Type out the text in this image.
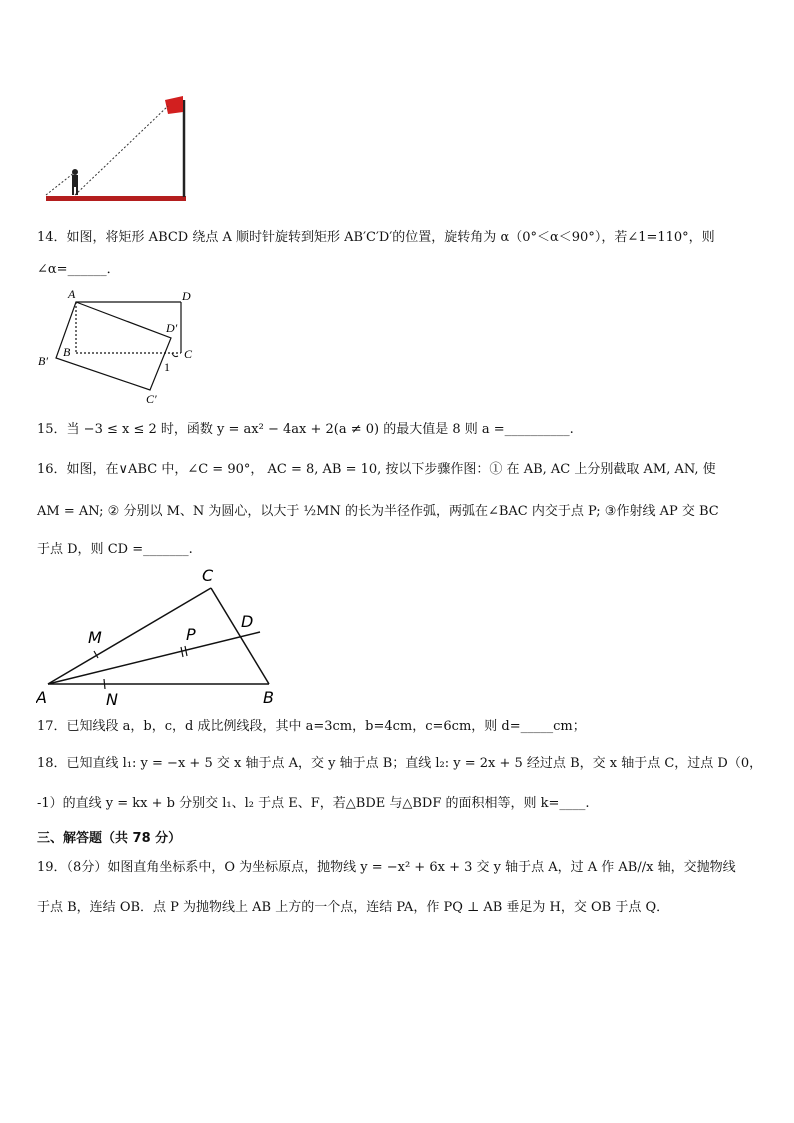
14．如图，将矩形 ABCD 绕点 A 顺时针旋转到矩形 AB′C′D′的位置，旋转角为 α（0°＜α＜90°），若∠1=110°，则
∠α=______．
A	D
D′
B	C
B′
C′
1
15．当 −3 ≤ x ≤ 2 时，函数 y = ax² − 4ax + 2(a ≠ 0) 的最大值是 8 则 a =__________.
16．如图，在∨ABC 中，∠C = 90°， AC = 8, AB = 10, 按以下步骤作图：① 在 AB, AC 上分别截取 AM, AN, 使
AM = AN; ② 分别以 M、N 为圆心，以大于 ½MN 的长为半径作弧，两弧在∠BAC 内交于点 P; ③作射线 AP 交 BC
于点 D，则 CD =_______.
C
M	P
D
A	N	B
17．已知线段 a，b，c，d 成比例线段，其中 a=3cm，b=4cm，c=6cm，则 d=_____cm；
18．已知直线 l₁: y = −x + 5 交 x 轴于点 A，交 y 轴于点 B；直线 l₂: y = 2x + 5 经过点 B，交 x 轴于点 C，过点 D（0，
-1）的直线 y = kx + b 分别交 l₁、l₂ 于点 E、F，若△BDE 与△BDF 的面积相等，则 k=____.
三、解答题（共 78 分）
19．（8分）如图直角坐标系中，O 为坐标原点，抛物线 y = −x² + 6x + 3 交 y 轴于点 A，过 A 作 AB//x 轴，交抛物线
于点 B，连结 OB．点 P 为抛物线上 AB 上方的一个点，连结 PA，作 PQ ⊥ AB 垂足为 H，交 OB 于点 Q．
